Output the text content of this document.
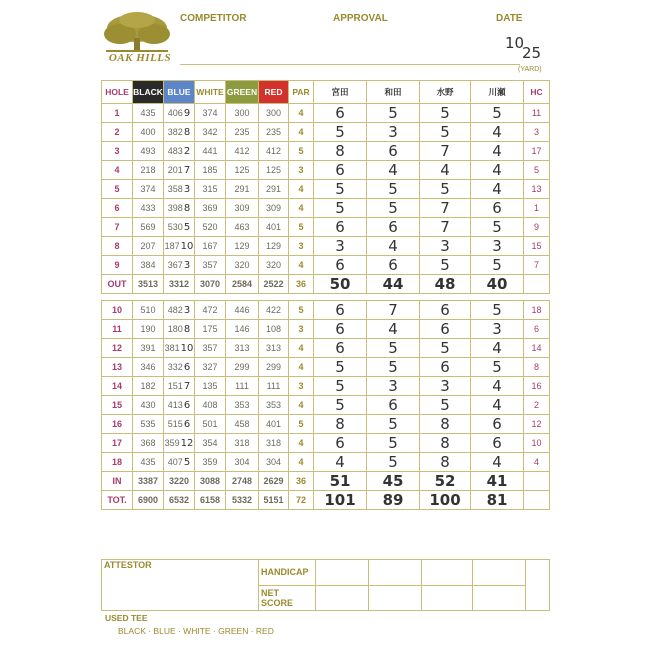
OAK HILLS
COMPETITOR	APPROVAL	DATE
10
25
(YARD)
HOLE	BLACK	BLUE	WHITE	GREEN	RED	PAR	宮田	和田	水野	川瀬	HC
1	435	4069	374	300	300	4	6	5	5	5	11
2	400	3828	342	235	235	4	5	3	5	4	3
3	493	4832	441	412	412	5	8	6	7	4	17
4	218	2017	185	125	125	3	6	4	4	4	5
5	374	3583	315	291	291	4	5	5	5	4	13
6	433	3988	369	309	309	4	5	5	7	6	1
7	569	5305	520	463	401	5	6	6	7	5	9
8	207	18710	167	129	129	3	3	4	3	3	15
9	384	3673	357	320	320	4	6	6	5	5	7
OUT	3513	3312	3070	2584	2522	36	50	44	48	40	

10	510	4823	472	446	422	5	6	7	6	5	18
11	190	1808	175	146	108	3	6	4	6	3	6
12	391	38110	357	313	313	4	6	5	5	4	14
13	346	3326	327	299	299	4	5	5	6	5	8
14	182	1517	135	111	111	3	5	3	3	4	16
15	430	4136	408	353	353	4	5	6	5	4	2
16	535	5156	501	458	401	5	8	5	8	6	12
17	368	35912	354	318	318	4	6	5	8	6	10
18	435	4075	359	304	304	4	4	5	8	4	4
IN	3387	3220	3088	2748	2629	36	51	45	52	41	
TOT.	6900	6532	6158	5332	5151	72	101	89	100	81	
ATTESTOR	HANDICAP					
	NET SCORE					
USED TEE
BLACK · BLUE · WHITE · GREEN · RED
